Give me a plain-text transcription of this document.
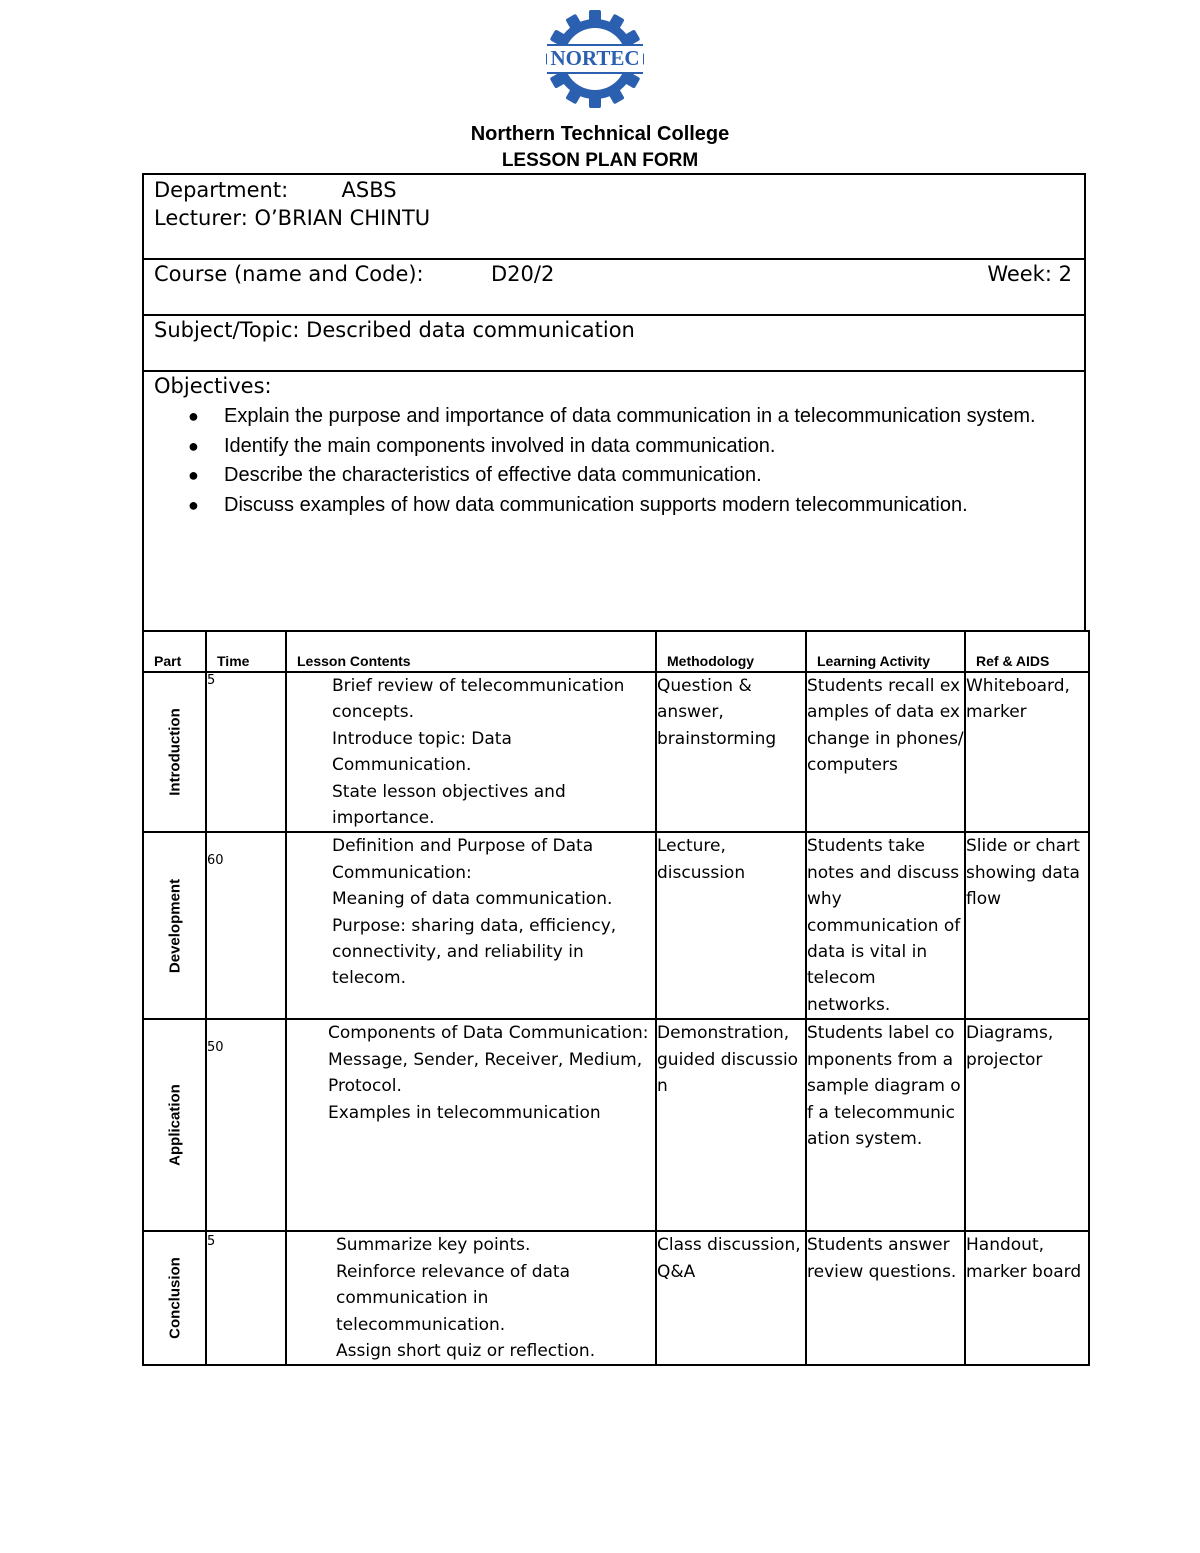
NORTEC
Northern Technical College
LESSON PLAN FORM
Department:	ASBS
Lecturer: O’BRIAN CHINTU
Course (name and Code):	D20/2	Week: 2
Subject/Topic: Described data communication
Objectives:
● Explain the purpose and importance of data communication in a telecommunication system.
● Identify the main components involved in data communication.
● Describe the characteristics of effective data communication.
● Discuss examples of how data communication supports modern telecommunication.
Part	Time	Lesson Contents	Methodology	Learning Activity	Ref & AIDS

Introduction	5	Brief review of telecommunication concepts.
Introduce topic: Data Communication.
State lesson objectives and importance.	Question & answer, brainstorming	Students recall examples of data exchange in phones/computers	Whiteboard, marker

Development	60	Definition and Purpose of Data Communication:
Meaning of data communication.
Purpose: sharing data, efficiency, connectivity, and reliability in telecom.	Lecture, discussion	Students take notes and discuss why communication of data is vital in telecom networks.	Slide or chart showing data flow

Application	50	Components of Data Communication:
Message, Sender, Receiver, Medium, Protocol.
Examples in telecommunication	Demonstration, guided discussion	Students label components from a sample diagram of a telecommunication system.	Diagrams, projector

Conclusion	5	Summarize key points.
Reinforce relevance of data communication in telecommunication.
Assign short quiz or reflection.	Class discussion, Q&A	Students answer review questions.	Handout, marker board
